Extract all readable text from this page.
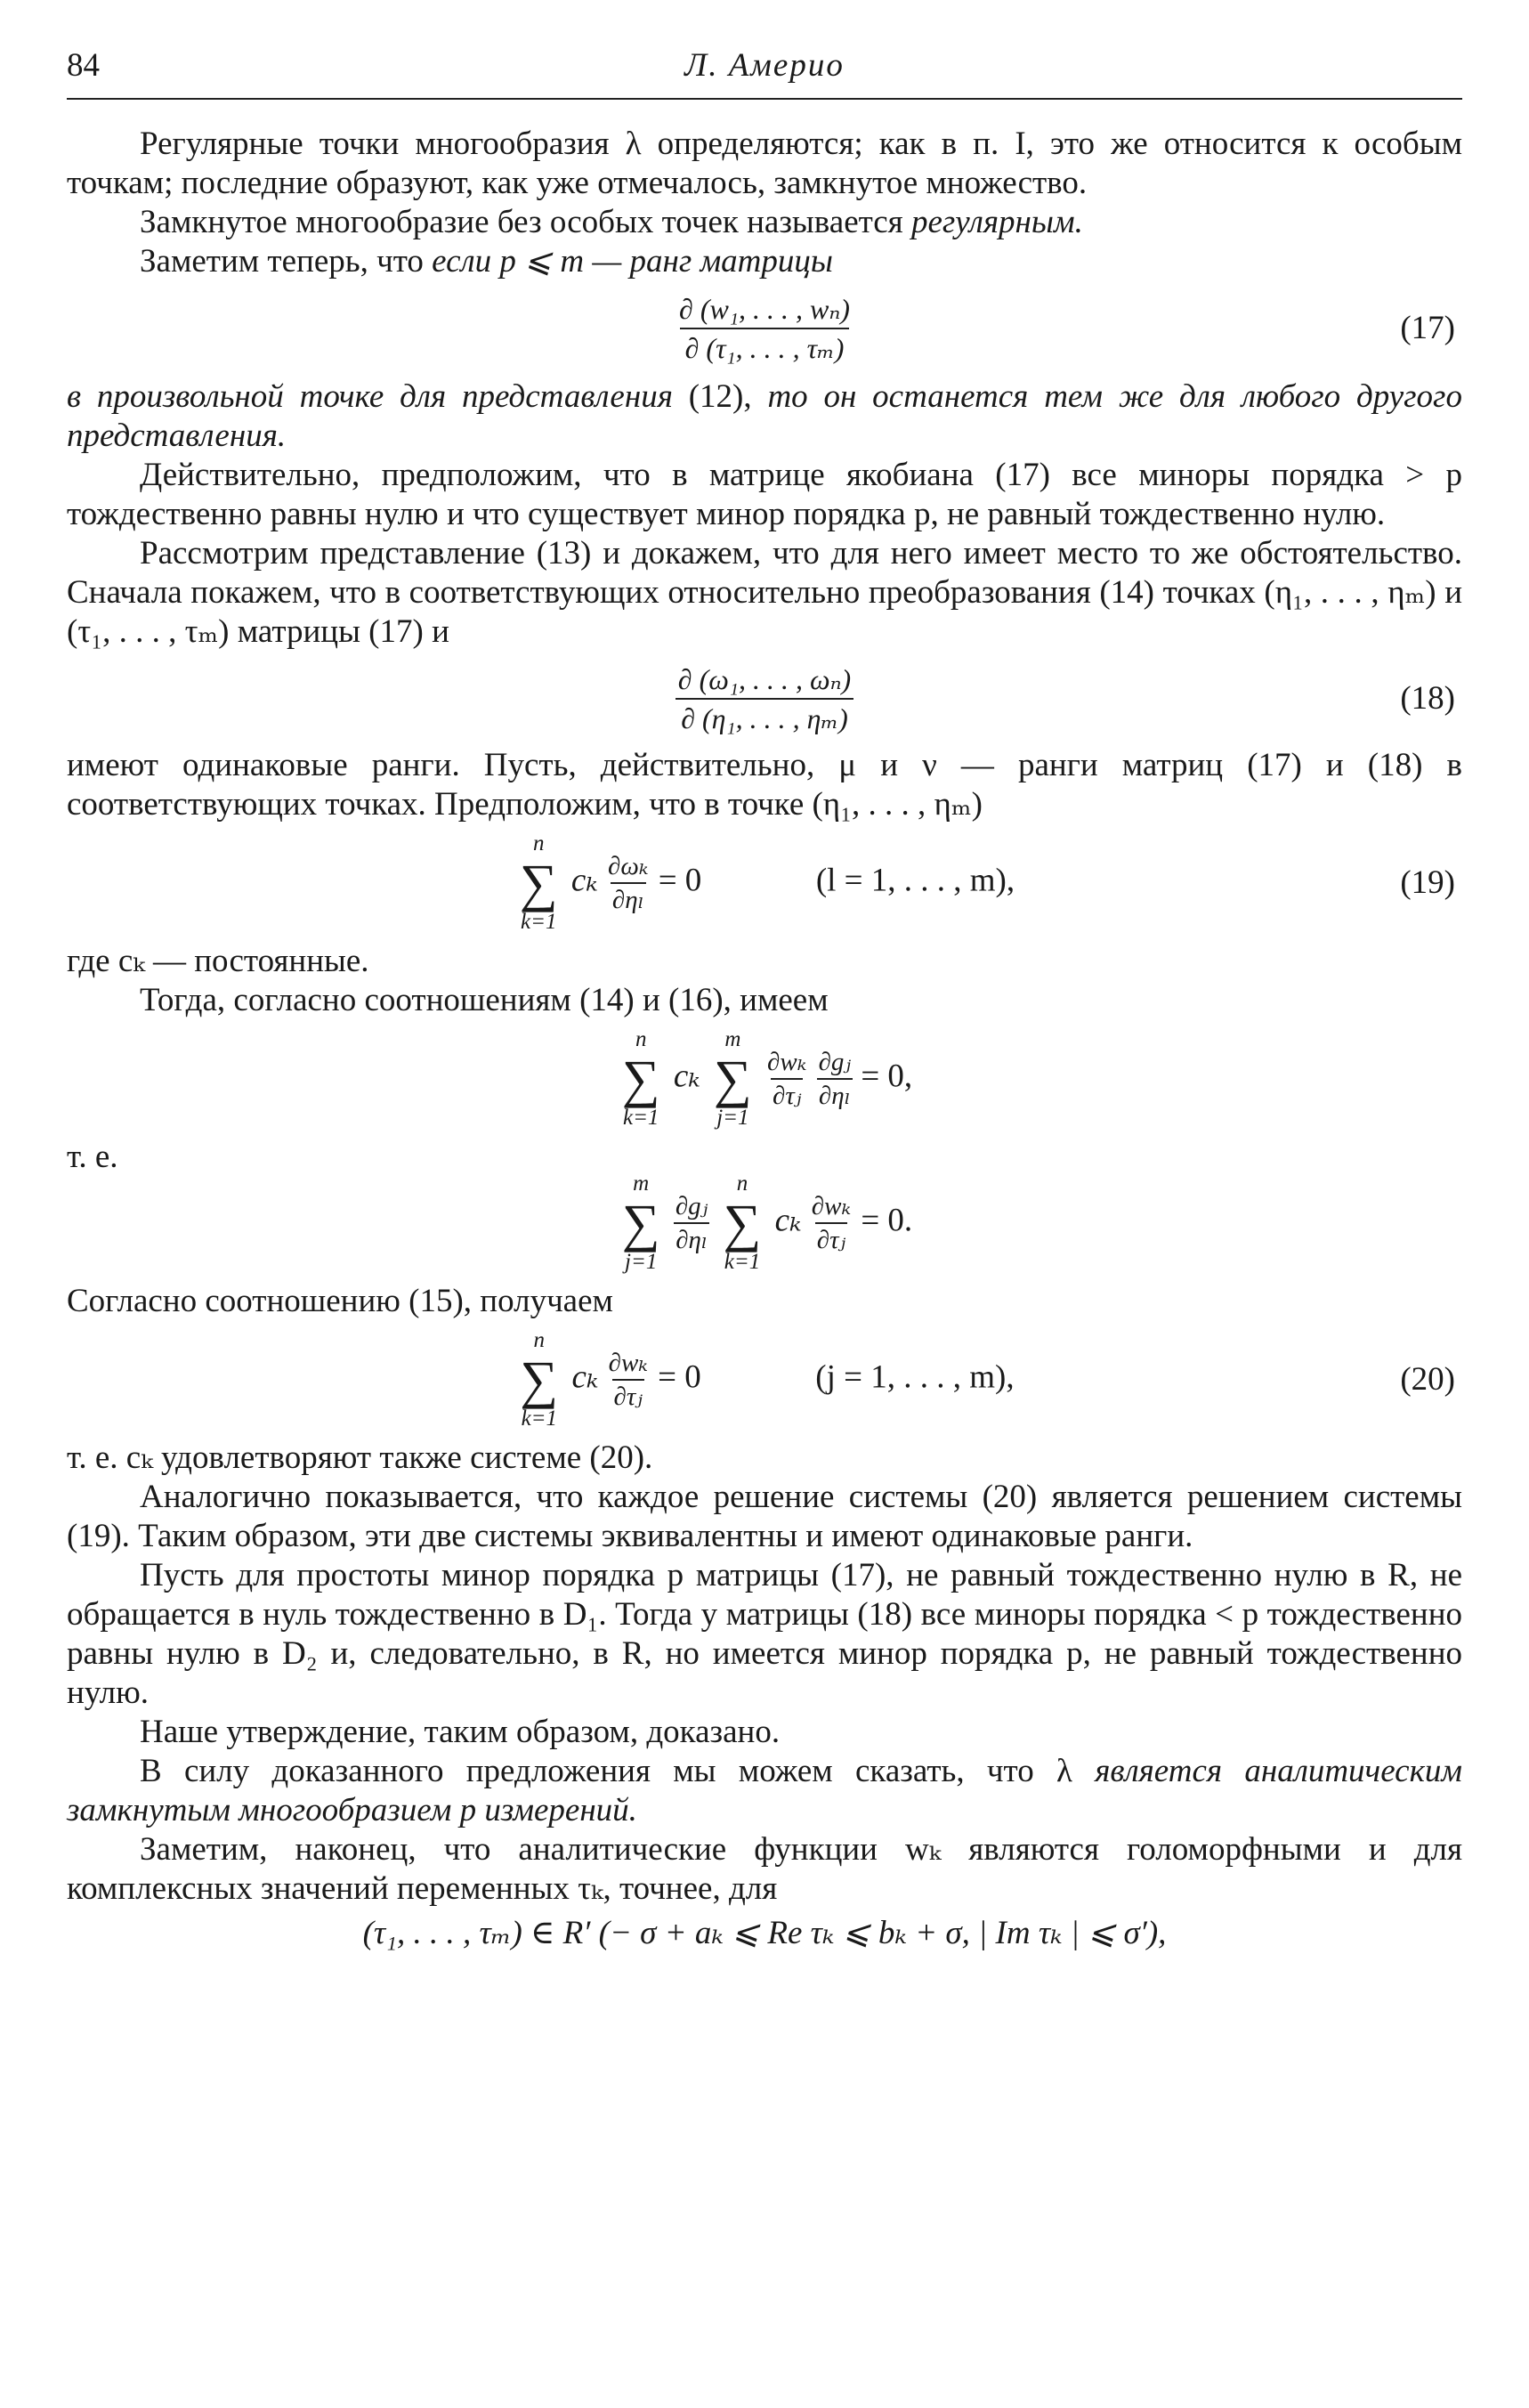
84	Л. Америо

Регулярные точки многообразия λ определяются; как в п. I, это же относится к особым точкам; последние образуют, как уже отмечалось, замкнутое множество.

Замкнутое многообразие без особых точек называется регулярным.

Заметим теперь, что если p ⩽ m — ранг матрицы

$\frac{\text{∂ (w₁, . . . , wₙ)}}{\text{∂ (τ₁, . . . , τₘ)}}$	(17)

в произвольной точке для представления (12), то он останется тем же для любого другого представления.

Действительно, предположим, что в матрице якобиана (17) все миноры порядка > p тождественно равны нулю и что существует минор порядка p, не равный тождественно нулю.

Рассмотрим представление (13) и докажем, что для него имеет место то же обстоятельство. Сначала покажем, что в соответствующих относительно преобразования (14) точках (η₁, . . . , ηₘ) и (τ₁, . . . , τₘ) матрицы (17) и

$\frac{\text{∂ (ω₁, . . . , ωₙ)}}{\text{∂ (η₁, . . . , ηₘ)}}$	(18)

имеют одинаковые ранги. Пусть, действительно, μ и ν — ранги матриц (17) и (18) в соответствующих точках. Предположим, что в точке (η₁, . . . , ηₘ)

n
∑
k=1
cₖ $\frac{\text{∂ωₖ}}{\text{∂ηₗ}} = 0$	(l = 1, . . . , m),	(19)

где cₖ — постоянные.

Тогда, согласно соотношениям (14) и (16), имеем

n
∑
k=1
cₖ
m
∑
j=1

$\frac{\text{∂wₖ}}{\text{∂τⱼ}}$
$\frac{\text{∂gⱼ}}{\text{∂ηₗ}} = 0$,

т. е.

m
∑
j=1

$\frac{\text{∂gⱼ}}{\text{∂ηₗ}}$

n
∑
k=1
cₖ $\frac{\text{∂wₖ}}{\text{∂τⱼ}} = 0$.

Согласно соотношению (15), получаем

n
∑
k=1
cₖ $\frac{\text{∂wₖ}}{\text{∂τⱼ}} = 0$	(j = 1, . . . , m),	(20)

т. е. cₖ удовлетворяют также системе (20).

Аналогично показывается, что каждое решение системы (20) является решением системы (19). Таким образом, эти две системы эквивалентны и имеют одинаковые ранги.

Пусть для простоты минор порядка p матрицы (17), не равный тождественно нулю в R, не обращается в нуль тождественно в D₁. Тогда у матрицы (18) все миноры порядка < p тождественно равны нулю в D₂ и, следовательно, в R, но имеется минор порядка p, не равный тождественно нулю.

Наше утверждение, таким образом, доказано.

В силу доказанного предложения мы можем сказать, что λ является аналитическим замкнутым многообразием p измерений.

Заметим, наконец, что аналитические функции wₖ являются голоморфными и для комплексных значений переменных τₖ, точнее, для

(τ₁, . . . , τₘ) ∈ R′ (− σ + aₖ ⩽ Re τₖ ⩽ bₖ + σ, | Im τₖ | ⩽ σ′),
